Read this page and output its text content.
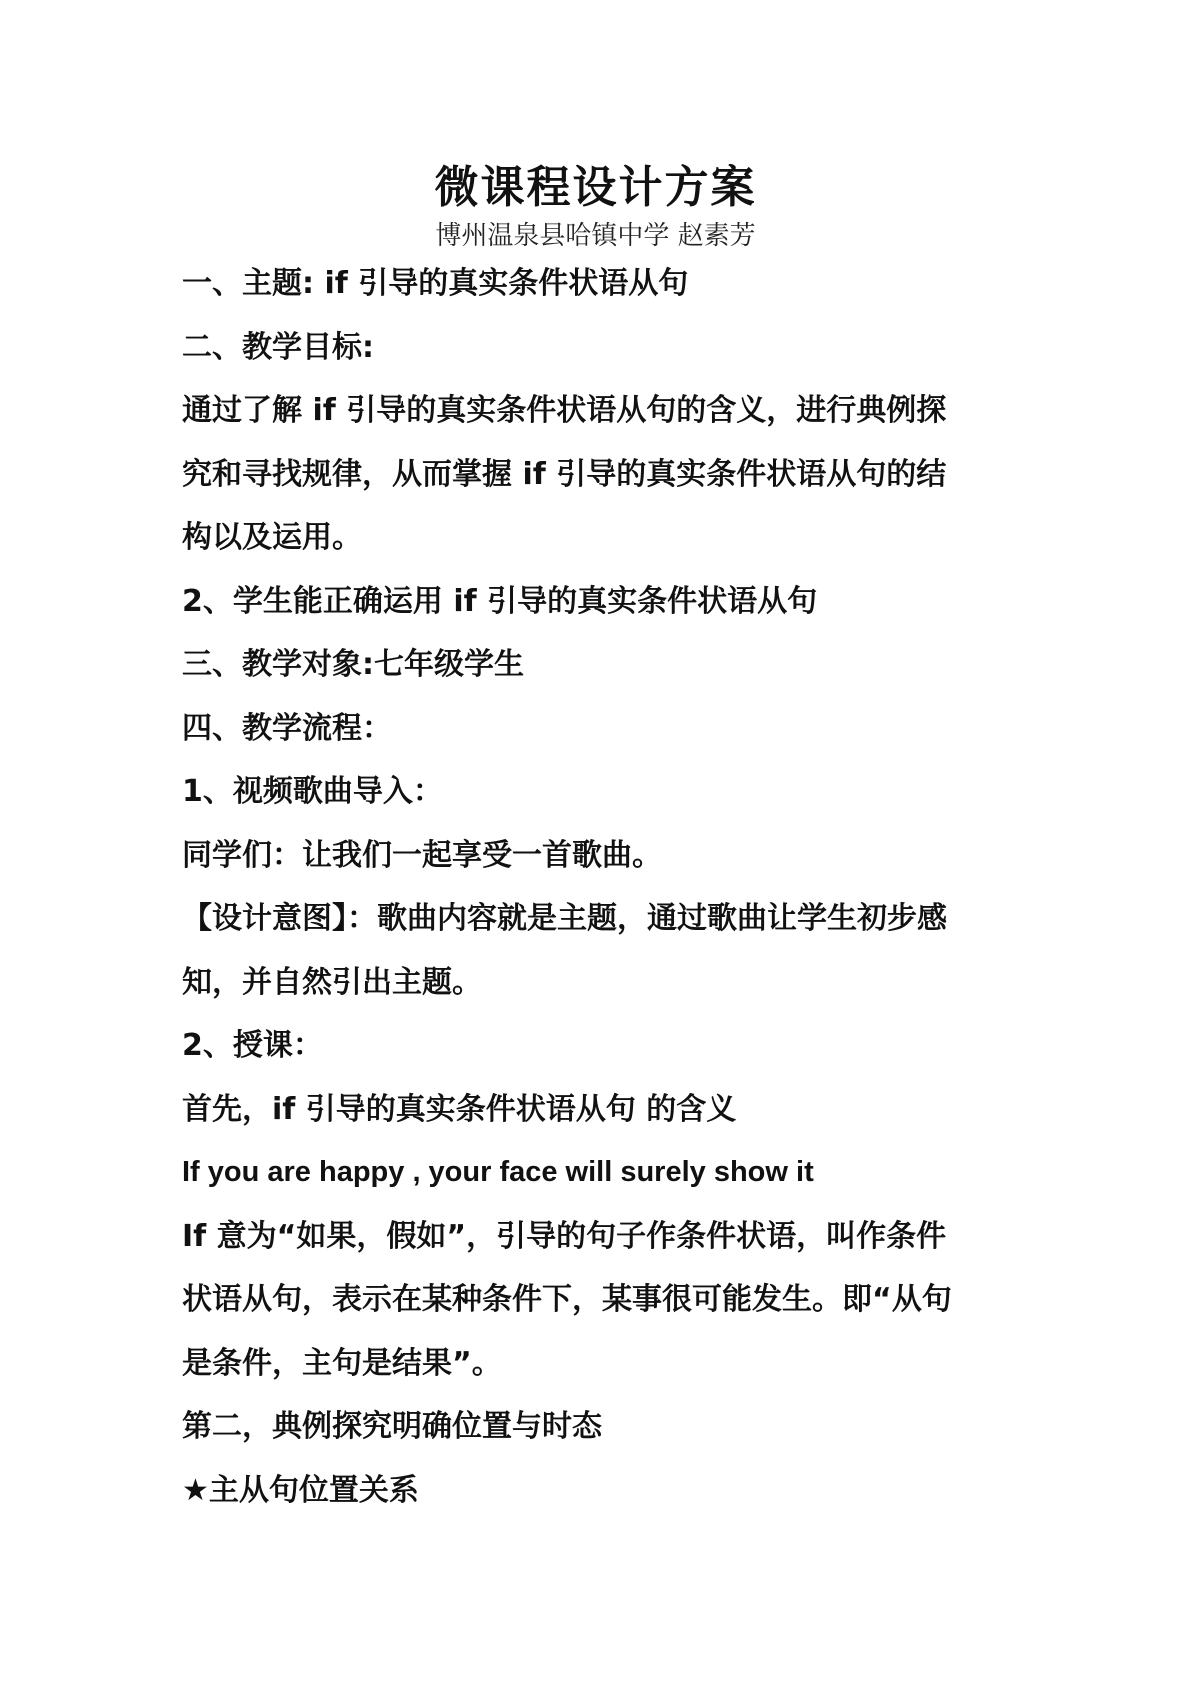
微课程设计方案
博州温泉县哈镇中学 赵素芳
一、主题: if 引导的真实条件状语从句
二、教学目标:
通过了解 if 引导的真实条件状语从句的含义，进行典例探
究和寻找规律，从而掌握 if 引导的真实条件状语从句的结
构以及运用。
2、学生能正确运用 if 引导的真实条件状语从句
三、教学对象:七年级学生
四、教学流程：
1、视频歌曲导入：
同学们：让我们一起享受一首歌曲。
【设计意图】：歌曲内容就是主题，通过歌曲让学生初步感
知，并自然引出主题。
2、授课：
首先，if 引导的真实条件状语从句 的含义
If you are happy , your face will surely show it
If 意为“如果，假如”，引导的句子作条件状语，叫作条件
状语从句，表示在某种条件下，某事很可能发生。即“从句
是条件，主句是结果”。
第二，典例探究明确位置与时态
★主从句位置关系
